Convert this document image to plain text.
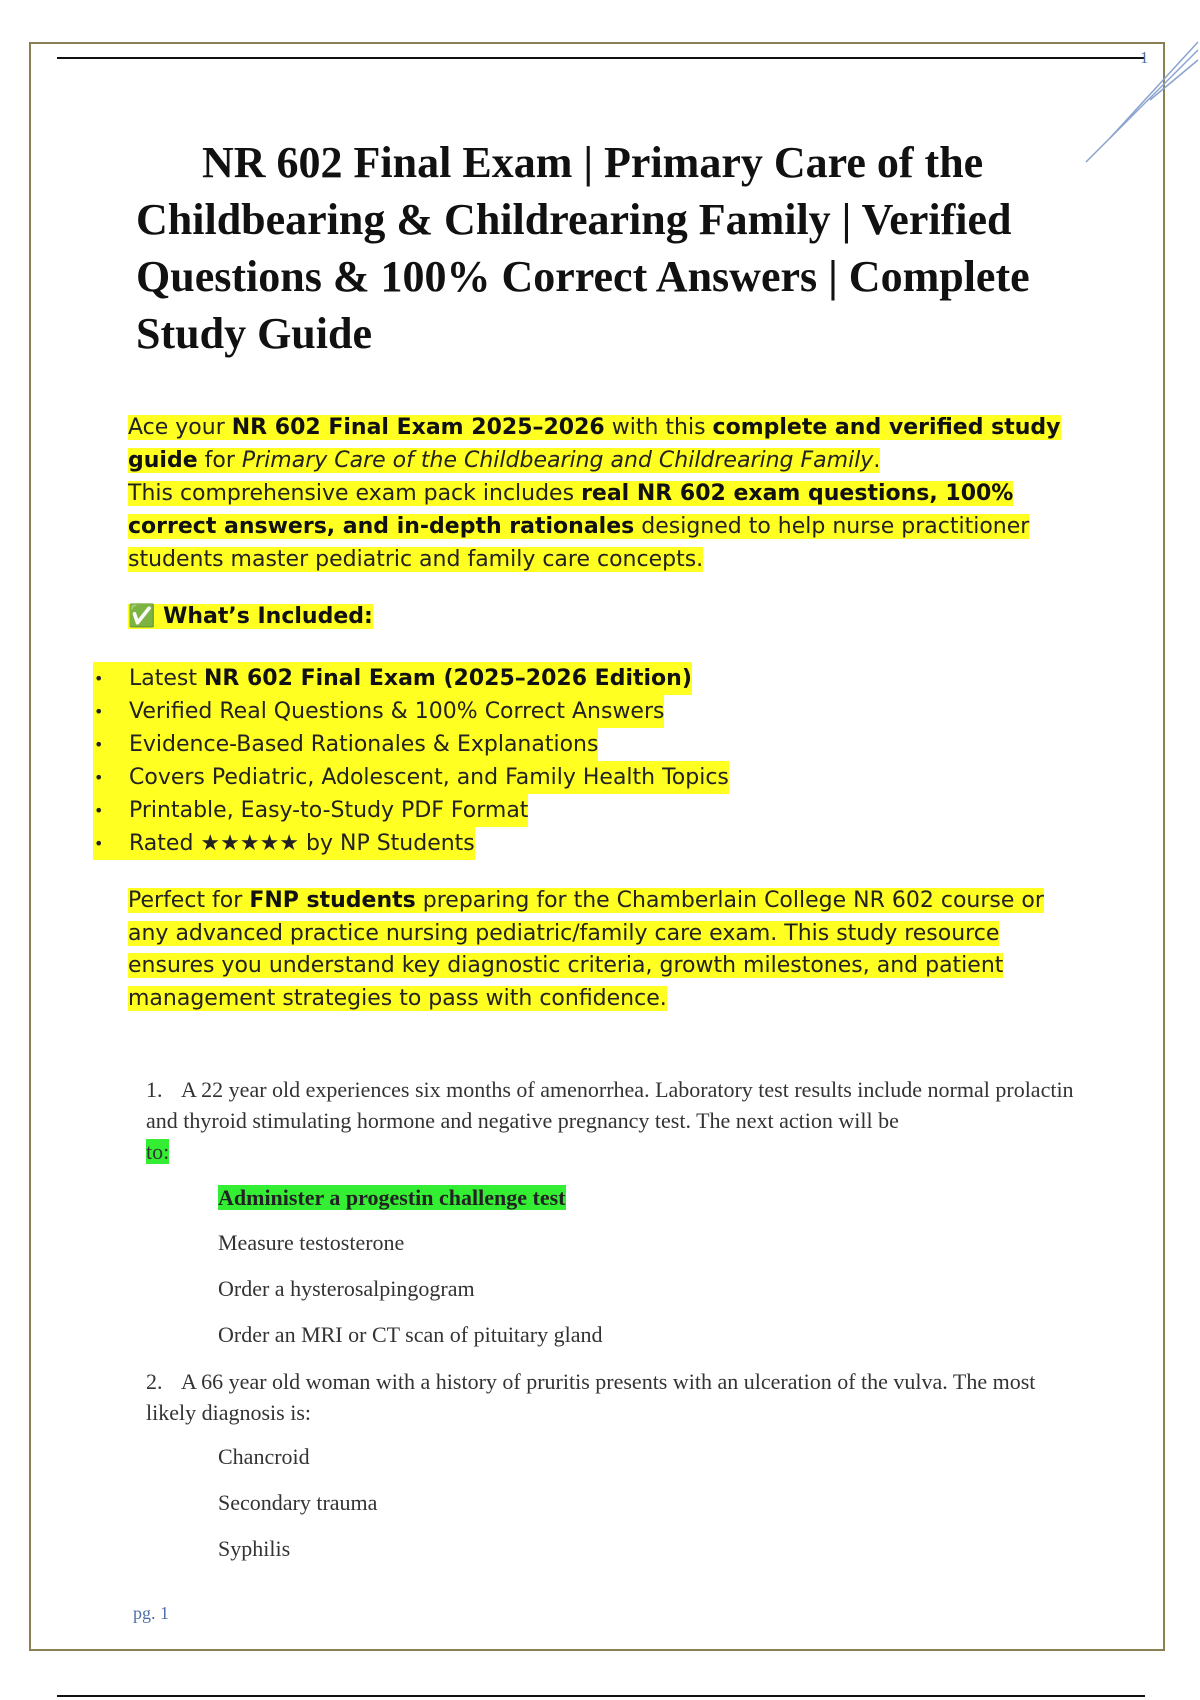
1
NR 602 Final Exam | Primary Care of the Childbearing & Childrearing Family | Verified Questions & 100% Correct Answers | Complete Study Guide
Ace your NR 602 Final Exam 2025–2026 with this complete and verified study guide for Primary Care of the Childbearing and Childrearing Family.
This comprehensive exam pack includes real NR 602 exam questions, 100% correct answers, and in-depth rationales designed to help nurse practitioner students master pediatric and family care concepts.

✅ What’s Included:

• Latest NR 602 Final Exam (2025–2026 Edition)
• Verified Real Questions & 100% Correct Answers
• Evidence-Based Rationales & Explanations
• Covers Pediatric, Adolescent, and Family Health Topics
• Printable, Easy-to-Study PDF Format
• Rated ★★★★★ by NP Students

Perfect for FNP students preparing for the Chamberlain College NR 602 course or any advanced practice nursing pediatric/family care exam. This study resource ensures you understand key diagnostic criteria, growth milestones, and patient management strategies to pass with confidence.

1. A 22 year old experiences six months of amenorrhea. Laboratory test results include normal prolactin and thyroid stimulating hormone and negative pregnancy test. The next action will be
to:

Administer a progestin challenge test

Measure testosterone

Order a hysterosalpingogram

Order an MRI or CT scan of pituitary gland

2. A 66 year old woman with a history of pruritis presents with an ulceration of the vulva. The most likely diagnosis is:

Chancroid

Secondary trauma

Syphilis

pg. 1
